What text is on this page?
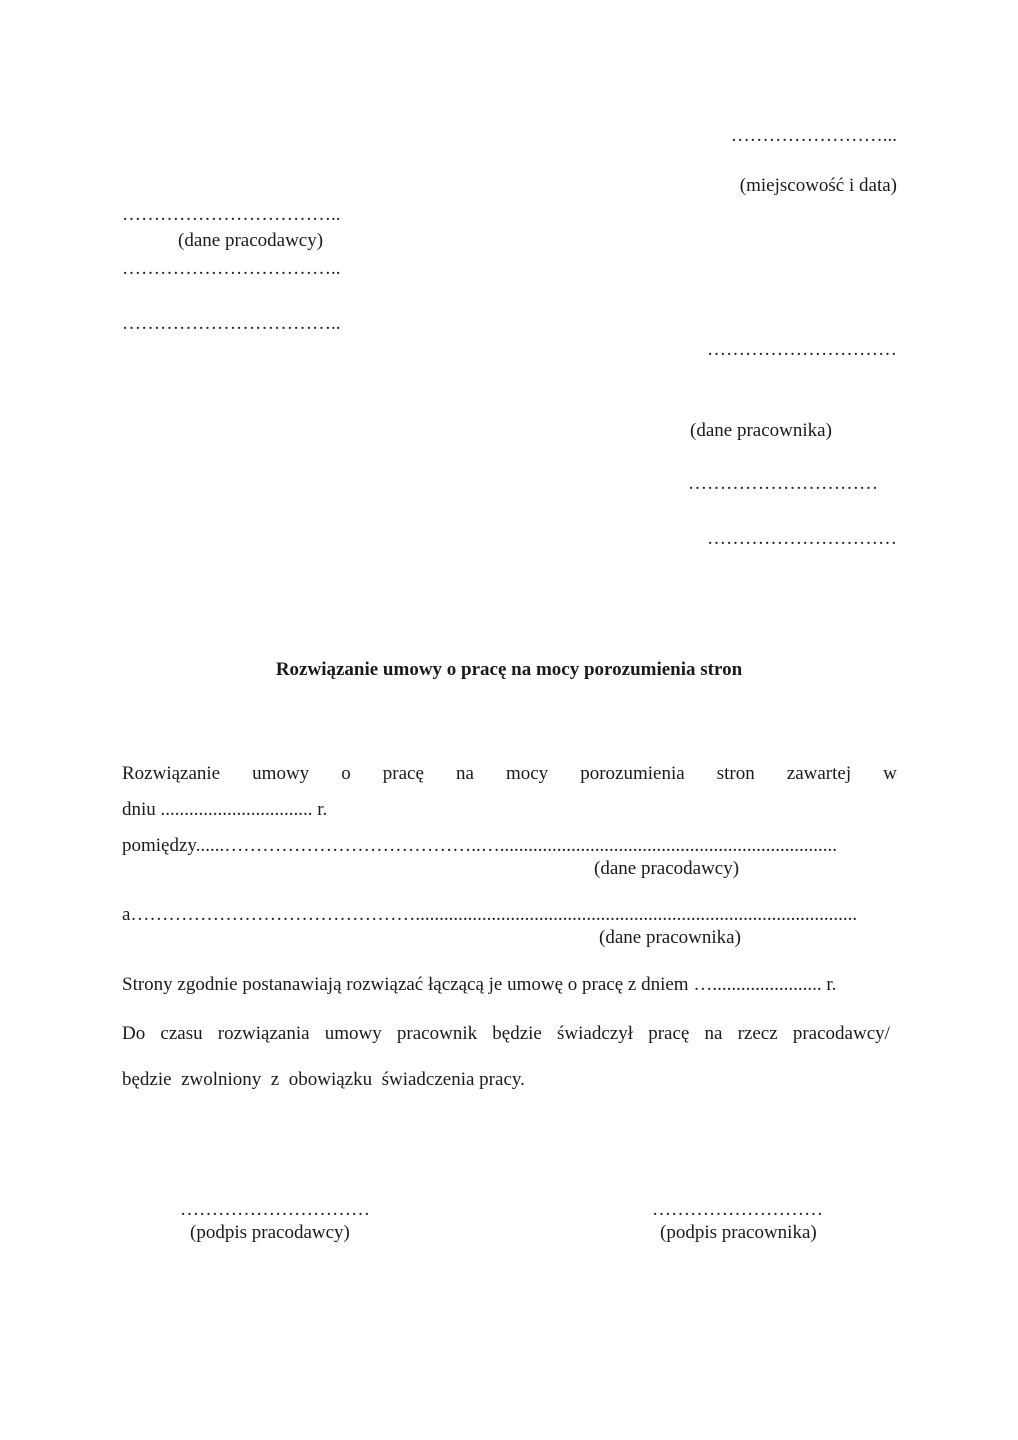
……………………...
(miejscowość i data)
……………………………..
(dane pracodawcy)
……………………………..
……………………………..
…………………………
(dane pracownika)
…………………………
…………………………
Rozwiązanie umowy o pracę na mocy porozumienia stron
Rozwiązanie umowy o pracę na mocy porozumienia stron zawartej w
dniu ................................ r.
pomiędzy......…………………………………..….......................................................................
(dane pracodawcy)
a……………………………………….............................................................................................
(dane pracownika)
Strony zgodnie postanawiają rozwiązać łączącą je umowę o pracę z dniem …....................... r.
Do czasu rozwiązania umowy pracownik będzie świadczył pracę na rzecz pracodawcy/
będzie  zwolniony  z  obowiązku  świadczenia pracy.
…………………………
(podpis pracodawcy)
………………………
(podpis pracownika)
